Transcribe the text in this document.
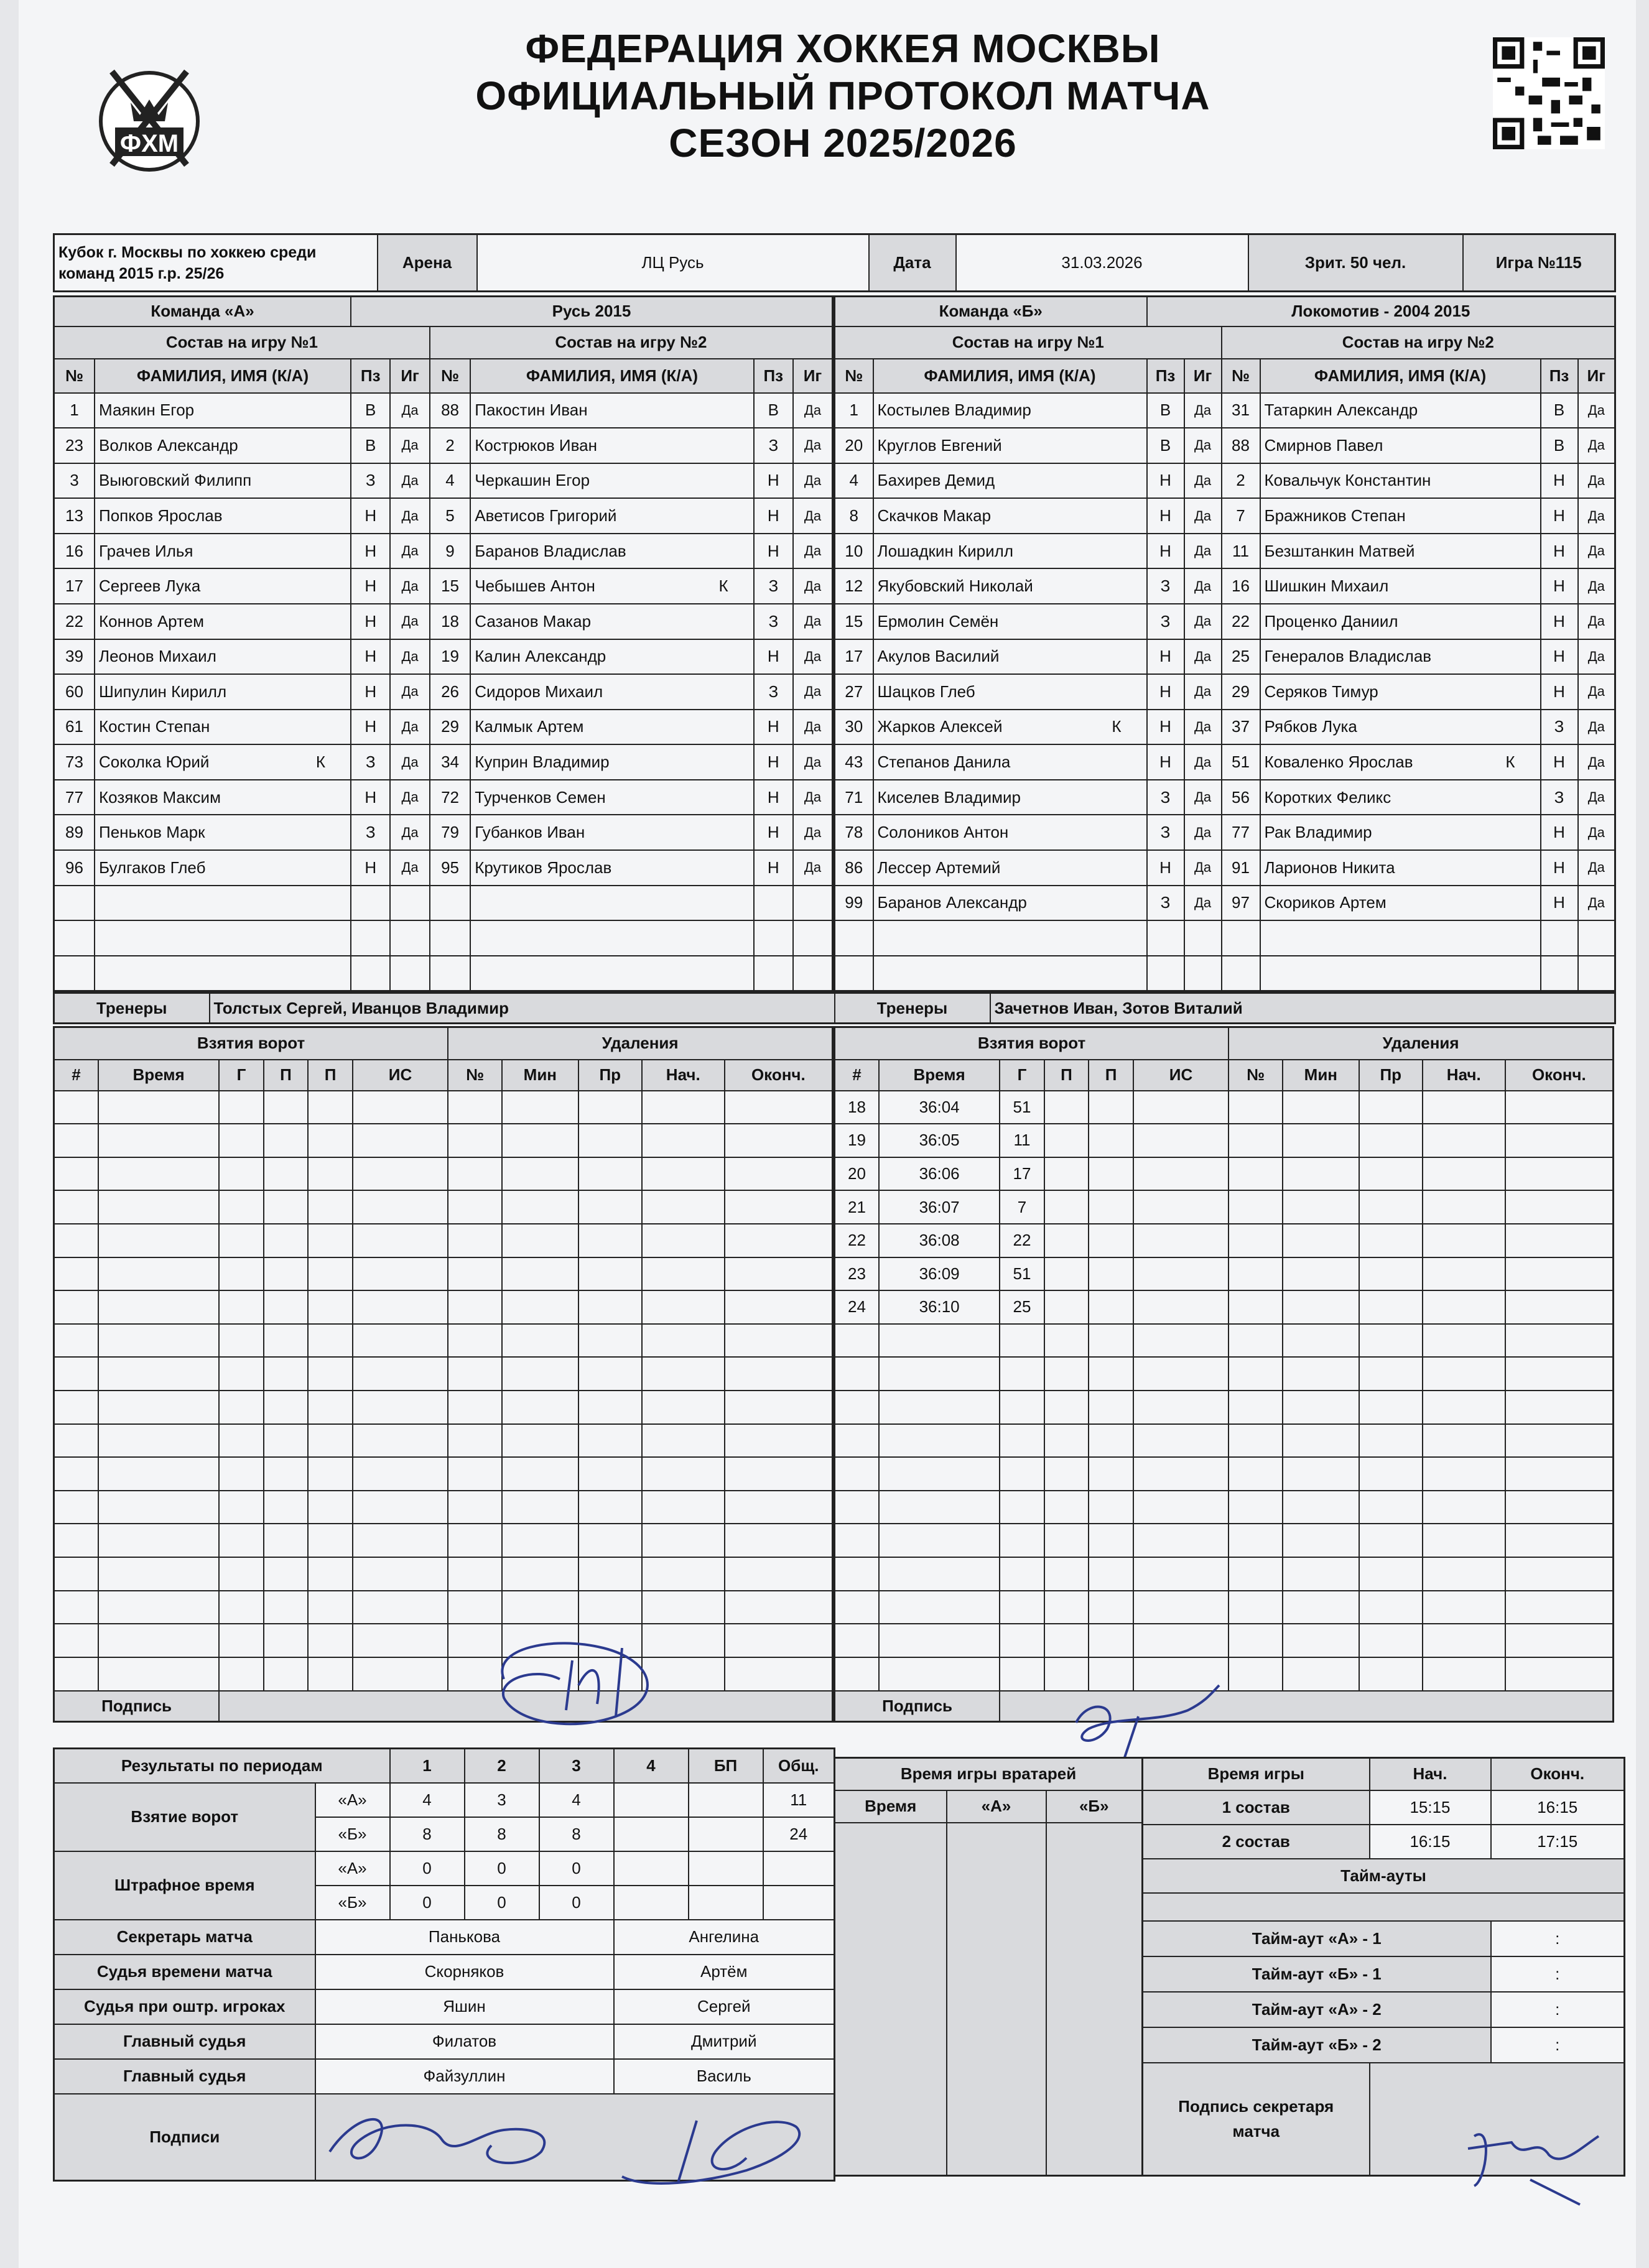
ФХМ
ФЕДЕРАЦИЯ ХОККЕЯ МОСКВЫ
ОФИЦИАЛЬНЫЙ ПРОТОКОЛ МАТЧА
СЕЗОН 2025/2026
Кубок г. Москвы по хоккею среди команд 2015 г.р. 25/26	Арена	ЛЦ Русь	Дата	31.03.2026	Зрит. 50 чел.	Игра №115
Команда «А»		Русь 2015					
Состав на игру №1				Состав на игру №2			
№	ФАМИЛИЯ, ИМЯ (К/А)	Пз	Иг	№	ФАМИЛИЯ, ИМЯ (К/А)	Пз	Иг
1	Маякин Егор	В	Да	88	Пакостин Иван	В	Да
23	Волков Александр	В	Да	2	Кострюков Иван	З	Да
3	Выюговский Филипп	З	Да	4	Черкашин Егор	Н	Да
13	Попков Ярослав	Н	Да	5	Аветисов Григорий	Н	Да
16	Грачев Илья	Н	Да	9	Баранов Владислав	Н	Да
17	Сергеев Лука	Н	Да	15	Чебышев Антон К	З	Да
22	Коннов Артем	Н	Да	18	Сазанов Макар	З	Да
39	Леонов Михаил	Н	Да	19	Калин Александр	Н	Да
60	Шипулин Кирилл	Н	Да	26	Сидоров Михаил	З	Да
61	Костин Степан	Н	Да	29	Калмык Артем	Н	Да
73	Соколка Юрий К	З	Да	34	Куприн Владимир	Н	Да
77	Козяков Максим	Н	Да	72	Турченков Семен	Н	Да
89	Пеньков Марк	З	Да	79	Губанков Иван	Н	Да
96	Булгаков Глеб	Н	Да	95	Крутиков Ярослав	Н	Да

Команда «Б»		Локомотив - 2004 2015					
Состав на игру №1				Состав на игру №2			
№	ФАМИЛИЯ, ИМЯ (К/А)	Пз	Иг	№	ФАМИЛИЯ, ИМЯ (К/А)	Пз	Иг
1	Костылев Владимир	В	Да	31	Татаркин Александр	В	Да
20	Круглов Евгений	В	Да	88	Смирнов Павел	В	Да
4	Бахирев Демид	Н	Да	2	Ковальчук Константин	Н	Да
8	Скачков Макар	Н	Да	7	Бражников Степан	Н	Да
10	Лошадкин Кирилл	Н	Да	11	Безштанкин Матвей	Н	Да
12	Якубовский Николай	З	Да	16	Шишкин Михаил	Н	Да
15	Ермолин Семён	З	Да	22	Проценко Даниил	Н	Да
17	Акулов Василий	Н	Да	25	Генералов Владислав	Н	Да
27	Шацков Глеб	Н	Да	29	Серяков Тимур	Н	Да
30	Жарков Алексей К	Н	Да	37	Рябков Лука	З	Да
43	Степанов Данила	Н	Да	51	Коваленко Ярослав К	Н	Да
71	Киселев Владимир	З	Да	56	Коротких Феликс	З	Да
78	Солоников Антон	З	Да	77	Рак Владимир	Н	Да
86	Лессер Артемий	Н	Да	91	Ларионов Никита	Н	Да
99	Баранов Александр	З	Да	97	Скориков Артем	Н	Да

Тренеры	Толстых Сергей, Иванцов Владимир	Тренеры	Зачетнов Иван, Зотов Виталий
Взятия ворот						Удаления				
#	Время	Г	П	П	ИС	№	Мин	Пр	Нач.	Оконч.

Подпись										
Взятия ворот						Удаления				
#	Время	Г	П	П	ИС	№	Мин	Пр	Нач.	Оконч.
18	36:04	51								
19	36:05	11								
20	36:06	17								
21	36:07	7								
22	36:08	22								
23	36:09	51								
24	36:10	25								

Подпись										
Результаты по периодам		1	2	3	4	БП	Общ.
Взятие ворот	«А»	4	3	4			11
	«Б»	8	8	8			24
Штрафное время	«А»	0	0	0			
	«Б»	0	0	0			
Секретарь матча	Панькова				Ангелина		
Судья времени матча	Скорняков				Артём		
Судья при оштр. игроках	Яшин				Сергей		
Главный судья	Филатов				Дмитрий		
Главный судья	Файзуллин				Василь		
Подписи							
Время игры вратарей		
Время	«А»	«Б»

Время игры	Нач.	Оконч.
1 состав	15:15	16:15
2 состав	16:15	17:15
Тайм-ауты		

Тайм-аут «А» - 1		:
Тайм-аут «Б» - 1		:
Тайм-аут «А» - 2		:
Тайм-аут «Б» - 2		:
Подпись секретаря матча		
